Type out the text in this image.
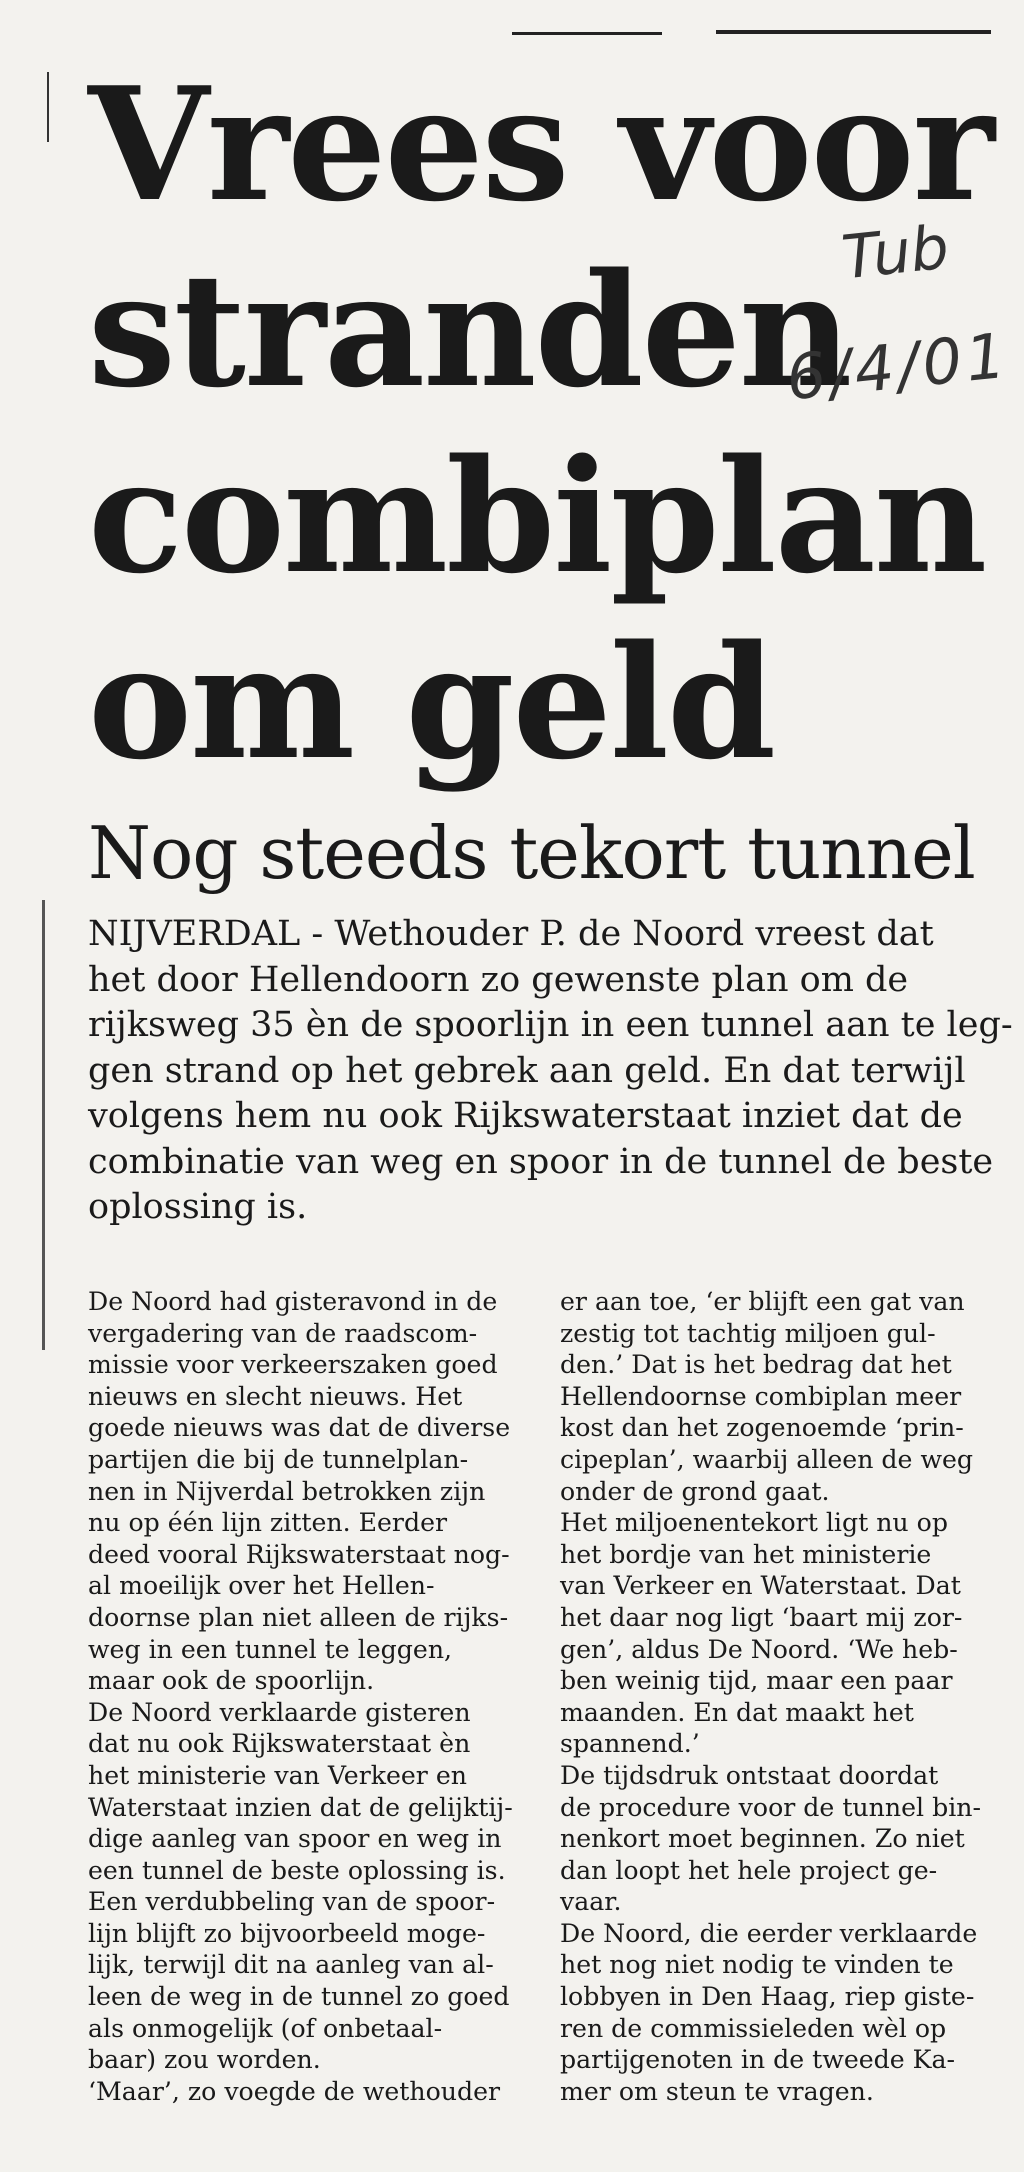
Vrees voor
stranden
combiplan
om geld
Tub
6/4/01
Nog steeds tekort tunnel

NIJVERDAL - Wethouder P. de Noord vreest dat
het door Hellendoorn zo gewenste plan om de
rijksweg 35 èn de spoorlijn in een tunnel aan te leg-
gen strand op het gebrek aan geld. En dat terwijl
volgens hem nu ook Rijkswaterstaat inziet dat de
combinatie van weg en spoor in de tunnel de beste
oplossing is.

De Noord had gisteravond in de
vergadering van de raadscom-
missie voor verkeerszaken goed
nieuws en slecht nieuws. Het
goede nieuws was dat de diverse
partijen die bij de tunnelplan-
nen in Nijverdal betrokken zijn
nu op één lijn zitten. Eerder
deed vooral Rijkswaterstaat nog-
al moeilijk over het Hellen-
doornse plan niet alleen de rijks-
weg in een tunnel te leggen,
maar ook de spoorlijn.
De Noord verklaarde gisteren
dat nu ook Rijkswaterstaat èn
het ministerie van Verkeer en
Waterstaat inzien dat de gelijktij-
dige aanleg van spoor en weg in
een tunnel de beste oplossing is.
Een verdubbeling van de spoor-
lijn blijft zo bijvoorbeeld moge-
lijk, terwijl dit na aanleg van al-
leen de weg in de tunnel zo goed
als onmogelijk (of onbetaal-
baar) zou worden.
‘Maar’, zo voegde de wethouder
er aan toe, ‘er blijft een gat van
zestig tot tachtig miljoen gul-
den.’ Dat is het bedrag dat het
Hellendoornse combiplan meer
kost dan het zogenoemde ‘prin-
cipeplan’, waarbij alleen de weg
onder de grond gaat.
Het miljoenentekort ligt nu op
het bordje van het ministerie
van Verkeer en Waterstaat. Dat
het daar nog ligt ‘baart mij zor-
gen’, aldus De Noord. ‘We heb-
ben weinig tijd, maar een paar
maanden. En dat maakt het
spannend.’
De tijdsdruk ontstaat doordat
de procedure voor de tunnel bin-
nenkort moet beginnen. Zo niet
dan loopt het hele project ge-
vaar.
De Noord, die eerder verklaarde
het nog niet nodig te vinden te
lobbyen in Den Haag, riep giste-
ren de commissieleden wèl op
partijgenoten in de tweede Ka-
mer om steun te vragen.
